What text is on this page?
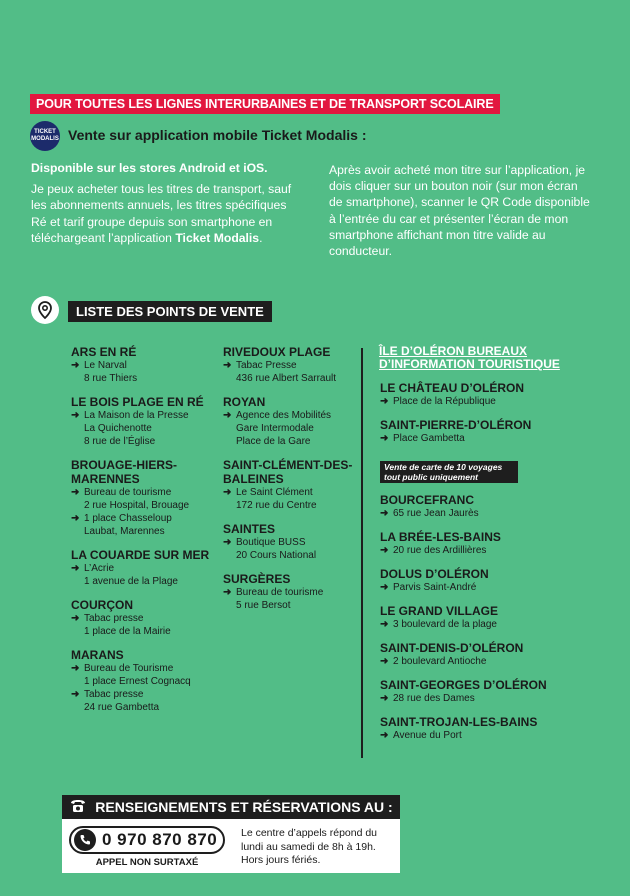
POUR TOUTES LES LIGNES INTERURBAINES ET DE TRANSPORT SCOLAIRE
TICKET MODALIS Vente sur application mobile Ticket Modalis :

Disponible sur les stores Android et iOS.

Je peux acheter tous les titres de transport, sauf les abonnements annuels, les titres spécifiques Ré et tarif groupe depuis son smartphone en téléchargeant l’application Ticket Modalis.

Après avoir acheté mon titre sur l’application, je dois cliquer sur un bouton noir (sur mon écran de smartphone), scanner le QR Code disponible à l’entrée du car et présenter l’écran de mon smartphone affichant mon titre valide au conducteur.
LISTE DES POINTS DE VENTE

ARS EN RÉ

➜ Le Narval

8 rue Thiers

LE BOIS PLAGE EN RÉ

➜ La Maison de la Presse

La Quichenotte

8 rue de l’Église

BROUAGE-HIERS-MARENNES

➜ Bureau de tourisme

2 rue Hospital, Brouage

➜ 1 place Chasseloup

Laubat, Marennes

LA COUARDE SUR MER

➜ L’Acrie

1 avenue de la Plage

COURÇON

➜ Tabac presse

1 place de la Mairie

MARANS

➜ Bureau de Tourisme

1 place Ernest Cognacq

➜ Tabac presse

24 rue Gambetta

RIVEDOUX PLAGE

➜ Tabac Presse

436 rue Albert Sarrault

ROYAN

➜ Agence des Mobilités

Gare Intermodale

Place de la Gare

SAINT-CLÉMENT-DES-BALEINES

➜ Le Saint Clément

172 rue du Centre

SAINTES

➜ Boutique BUSS

20 Cours National

SURGÈRES

➜ Bureau de tourisme

5 rue Bersot

ÎLE D’OLÉRON BUREAUX D’INFORMATION TOURISTIQUE

LE CHÂTEAU D’OLÉRON

➜ Place de la République

SAINT-PIERRE-D’OLÉRON

➜ Place Gambetta

Vente de carte de 10 voyages tout public uniquement

BOURCEFRANC

➜ 65 rue Jean Jaurès

LA BRÉE-LES-BAINS

➜ 20 rue des Ardillières

DOLUS D’OLÉRON

➜ Parvis Saint-André

LE GRAND VILLAGE

➜ 3 boulevard de la plage

SAINT-DENIS-D’OLÉRON

➜ 2 boulevard Antioche

SAINT-GEORGES D’OLÉRON

➜ 28 rue des Dames

SAINT-TROJAN-LES-BAINS

➜ Avenue du Port

RENSEIGNEMENTS ET RÉSERVATIONS AU :
0 970 870 870
APPEL NON SURTAXÉ
Le centre d’appels répond du lundi au samedi de 8h à 19h. Hors jours fériés.
